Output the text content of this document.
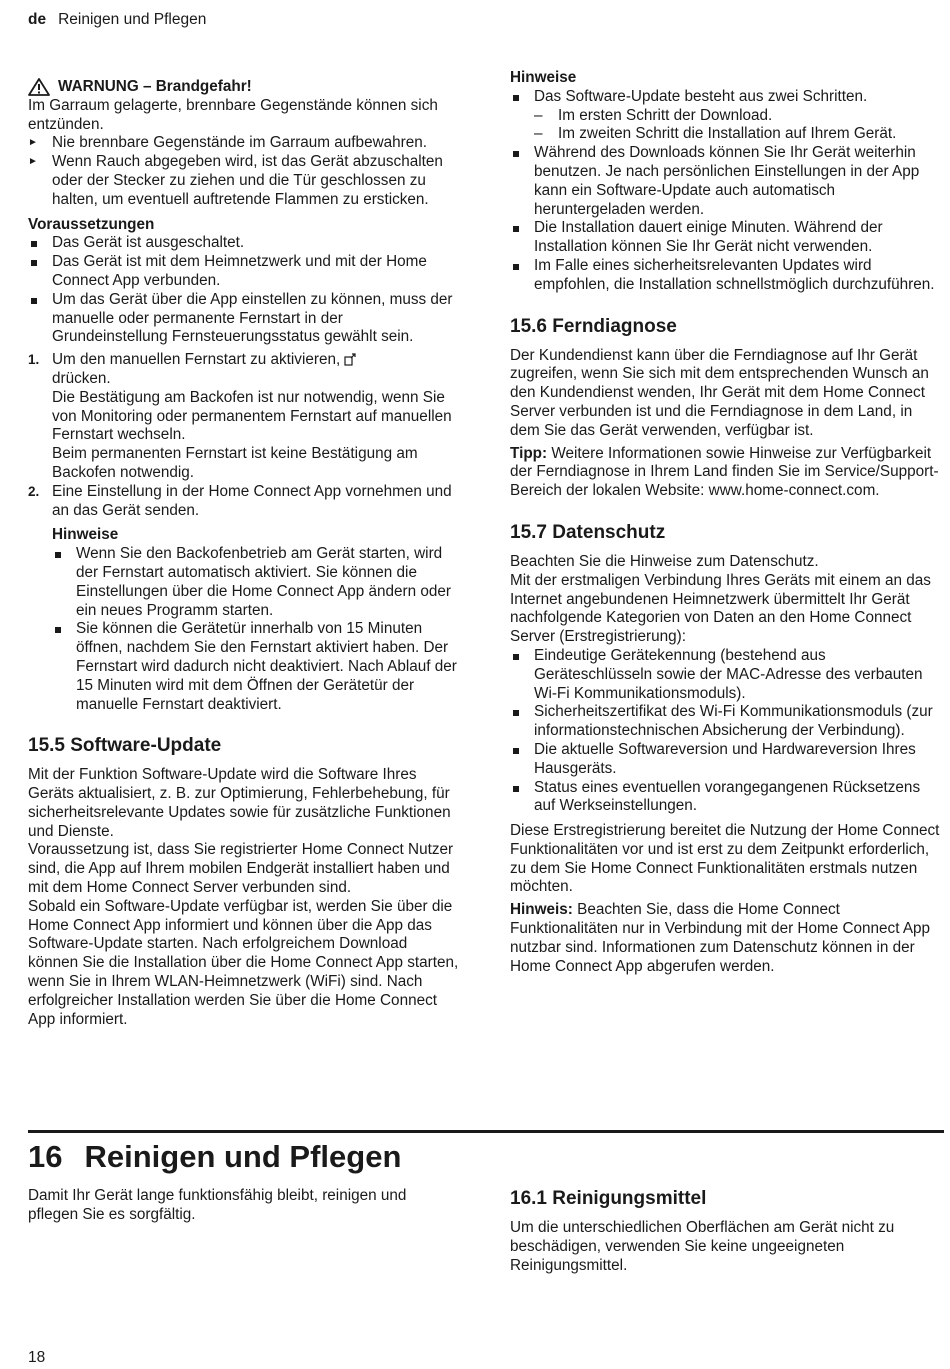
de Reinigen und Pflegen
WARNUNG – Brandgefahr!

Im Garraum gelagerte, brennbare Gegenstände können sich entzünden.

► Nie brennbare Gegenstände im Garraum aufbewahren.
► Wenn Rauch abgegeben wird, ist das Gerät abzuschalten oder der Stecker zu ziehen und die Tür geschlossen zu halten, um eventuell auftretende Flammen zu ersticken.

Voraussetzungen

Das Gerät ist ausgeschaltet.
Das Gerät ist mit dem Heimnetzwerk und mit der Home Connect App verbunden.
Um das Gerät über die App einstellen zu können, muss der manuelle oder permanente Fernstart in der Grundeinstellung Fernsteuerungsstatus gewählt sein.
1. Um den manuellen Fernstart zu aktivieren,
drücken.

Die Bestätigung am Backofen ist nur notwendig, wenn Sie von Monitoring oder permanentem Fernstart auf manuellen Fernstart wechseln.

Beim permanenten Fernstart ist keine Bestätigung am Backofen notwendig.

2. Eine Einstellung in der Home Connect App vornehmen und an das Gerät senden.

Hinweise

Wenn Sie den Backofenbetrieb am Gerät starten, wird der Fernstart automatisch aktiviert. Sie können die Einstellungen über die Home Connect App ändern oder ein neues Programm starten.
Sie können die Gerätetür innerhalb von 15 Minuten öffnen, nachdem Sie den Fernstart aktiviert haben. Der Fernstart wird dadurch nicht deaktiviert. Nach Ablauf der 15 Minuten wird mit dem Öffnen der Gerätetür der manuelle Fernstart deaktiviert.

15.5 Software-Update

Mit der Funktion Software-Update wird die Software Ihres Geräts aktualisiert, z. B. zur Optimierung, Fehlerbehebung, für sicherheitsrelevante Updates sowie für zusätzliche Funktionen und Dienste.

Voraussetzung ist, dass Sie registrierter Home Connect Nutzer sind, die App auf Ihrem mobilen Endgerät installiert haben und mit dem Home Connect Server verbunden sind.

Sobald ein Software-Update verfügbar ist, werden Sie über die Home Connect App informiert und können über die App das Software-Update starten. Nach erfolgreichem Download können Sie die Installation über die Home Connect App starten, wenn Sie in Ihrem WLAN-Heimnetzwerk (WiFi) sind. Nach erfolgreicher Installation werden Sie über die Home Connect App informiert.

Hinweise

Das Software-Update besteht aus zwei Schritten.
– Im ersten Schritt der Download.
– Im zweiten Schritt die Installation auf Ihrem Gerät.
Während des Downloads können Sie Ihr Gerät weiterhin benutzen. Je nach persönlichen Einstellungen in der App kann ein Software-Update auch automatisch heruntergeladen werden.
Die Installation dauert einige Minuten. Während der Installation können Sie Ihr Gerät nicht verwenden.
Im Falle eines sicherheitsrelevanten Updates wird empfohlen, die Installation schnellstmöglich durchzuführen.

15.6 Ferndiagnose

Der Kundendienst kann über die Ferndiagnose auf Ihr Gerät zugreifen, wenn Sie sich mit dem entsprechenden Wunsch an den Kundendienst wenden, Ihr Gerät mit dem Home Connect Server verbunden ist und die Ferndiagnose in dem Land, in dem Sie das Gerät verwenden, verfügbar ist.

Tipp: Weitere Informationen sowie Hinweise zur Verfügbarkeit der Ferndiagnose in Ihrem Land finden Sie im Service/Support-Bereich der lokalen Website: www.home-connect.com.

15.7 Datenschutz

Beachten Sie die Hinweise zum Datenschutz.

Mit der erstmaligen Verbindung Ihres Geräts mit einem an das Internet angebundenen Heimnetzwerk übermittelt Ihr Gerät nachfolgende Kategorien von Daten an den Home Connect Server (Erstregistrierung):

Eindeutige Gerätekennung (bestehend aus Geräteschlüsseln sowie der MAC-Adresse des verbauten Wi-Fi Kommunikationsmoduls).
Sicherheitszertifikat des Wi-Fi Kommunikationsmoduls (zur informationstechnischen Absicherung der Verbindung).
Die aktuelle Softwareversion und Hardwareversion Ihres Hausgeräts.
Status eines eventuellen vorangegangenen Rücksetzens auf Werkseinstellungen.

Diese Erstregistrierung bereitet die Nutzung der Home Connect Funktionalitäten vor und ist erst zu dem Zeitpunkt erforderlich, zu dem Sie Home Connect Funktionalitäten erstmals nutzen möchten.

Hinweis: Beachten Sie, dass die Home Connect Funktionalitäten nur in Verbindung mit der Home Connect App nutzbar sind. Informationen zum Datenschutz können in der Home Connect App abgerufen werden.

16 Reinigen und Pflegen

Damit Ihr Gerät lange funktionsfähig bleibt, reinigen und pflegen Sie es sorgfältig.

16.1 Reinigungsmittel

Um die unterschiedlichen Oberflächen am Gerät nicht zu beschädigen, verwenden Sie keine ungeeigneten Reinigungsmittel.

18
